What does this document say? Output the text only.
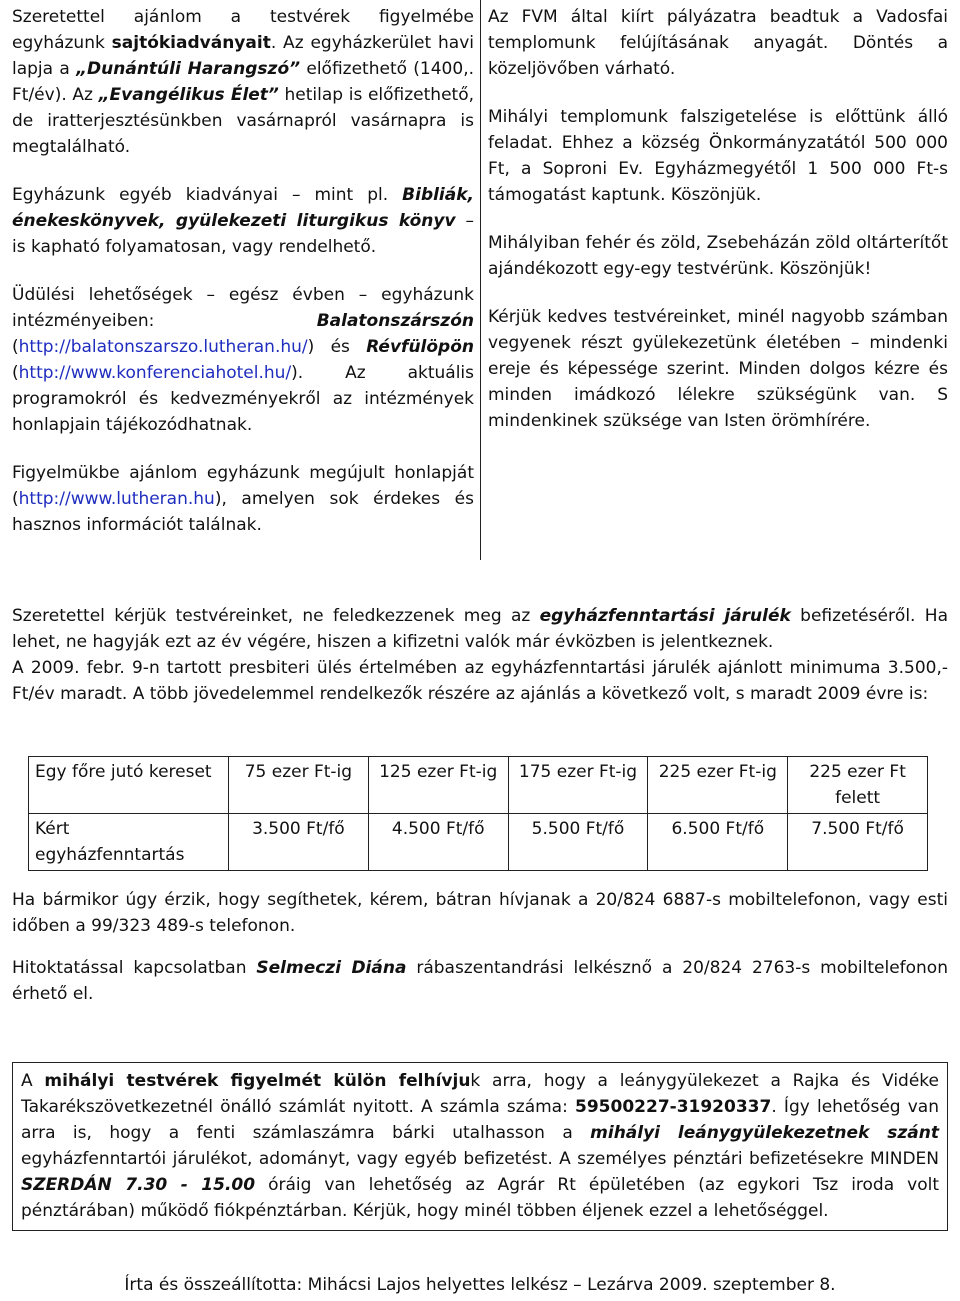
Szeretettel ajánlom a testvérek figyelmébe egyházunk sajtókiadványait. Az egyházkerület havi lapja a „Dunántúli Harangszó” előfizethető (1400,. Ft/év). Az „Evangélikus Élet” hetilap is előfizethető, de iratterjesztésünkben vasárnapról vasárnapra is megtalálható.

Egyházunk egyéb kiadványai – mint pl. Bibliák, énekeskönyvek, gyülekezeti liturgikus könyv – is kapható folyamatosan, vagy rendelhető.

Üdülési lehetőségek – egész évben – egyházunk intézményeiben: Balatonszárszón (http://balatonszarszo.lutheran.hu/) és Révfülöpön (http://www.konferenciahotel.hu/). Az aktuális programokról és kedvezményekről az intézmények honlapjain tájékozódhatnak.

Figyelmükbe ajánlom egyházunk megújult honlapját (http://www.lutheran.hu), amelyen sok érdekes és hasznos információt találnak.

Az FVM által kiírt pályázatra beadtuk a Vadosfai templomunk felújításának anyagát. Döntés a közeljövőben várható.

Mihályi templomunk falszigetelése is előttünk álló feladat. Ehhez a község Önkormányzatától 500 000 Ft, a Soproni Ev. Egyházmegyétől 1 500 000 Ft-s támogatást kaptunk. Köszönjük.

Mihályiban fehér és zöld, Zsebeházán zöld oltárterítőt ajándékozott egy-egy testvérünk. Köszönjük!

Kérjük kedves testvéreinket, minél nagyobb számban vegyenek részt gyülekezetünk életében – mindenki ereje és képessége szerint. Minden dolgos kézre és minden imádkozó lélekre szükségünk van. S mindenkinek szüksége van Isten örömhírére.

Szeretettel kérjük testvéreinket, ne feledkezzenek meg az egyházfenntartási járulék befizetéséről. Ha lehet, ne hagyják ezt az év végére, hiszen a kifizetni valók már évközben is jelentkeznek.

A 2009. febr. 9-n tartott presbiteri ülés értelmében az egyházfenntartási járulék ajánlott minimuma 3.500,- Ft/év maradt. A több jövedelemmel rendelkezők részére az ajánlás a következő volt, s maradt 2009 évre is:

Egy főre jutó kereset	75 ezer Ft-ig	125 ezer Ft-ig	175 ezer Ft-ig	225 ezer Ft-ig	225 ezer Ft felett
Kért egyházfenntartás	3.500 Ft/fő	4.500 Ft/fő	5.500 Ft/fő	6.500 Ft/fő	7.500 Ft/fő

Ha bármikor úgy érzik, hogy segíthetek, kérem, bátran hívjanak a 20/824 6887-s mobiltelefonon, vagy esti időben a 99/323 489-s telefonon.

Hitoktatással kapcsolatban Selmeczi Diána rábaszentandrási lelkésznő a 20/824 2763-s mobiltelefonon érhető el.

A mihályi testvérek figyelmét külön felhívjuk arra, hogy a leánygyülekezet a Rajka és Vidéke Takarékszövetkezetnél önálló számlát nyitott. A számla száma: 59500227-31920337. Így lehetőség van arra is, hogy a fenti számlaszámra bárki utalhasson a mihályi leánygyülekezetnek szánt egyházfenntartói járulékot, adományt, vagy egyéb befizetést. A személyes pénztári befizetésekre MINDEN SZERDÁN 7.30 - 15.00 óráig van lehetőség az Agrár Rt épületében (az egykori Tsz iroda volt pénztárában) működő fiókpénztárban. Kérjük, hogy minél többen éljenek ezzel a lehetőséggel.
Írta és összeállította: Mihácsi Lajos helyettes lelkész – Lezárva 2009. szeptember 8.
